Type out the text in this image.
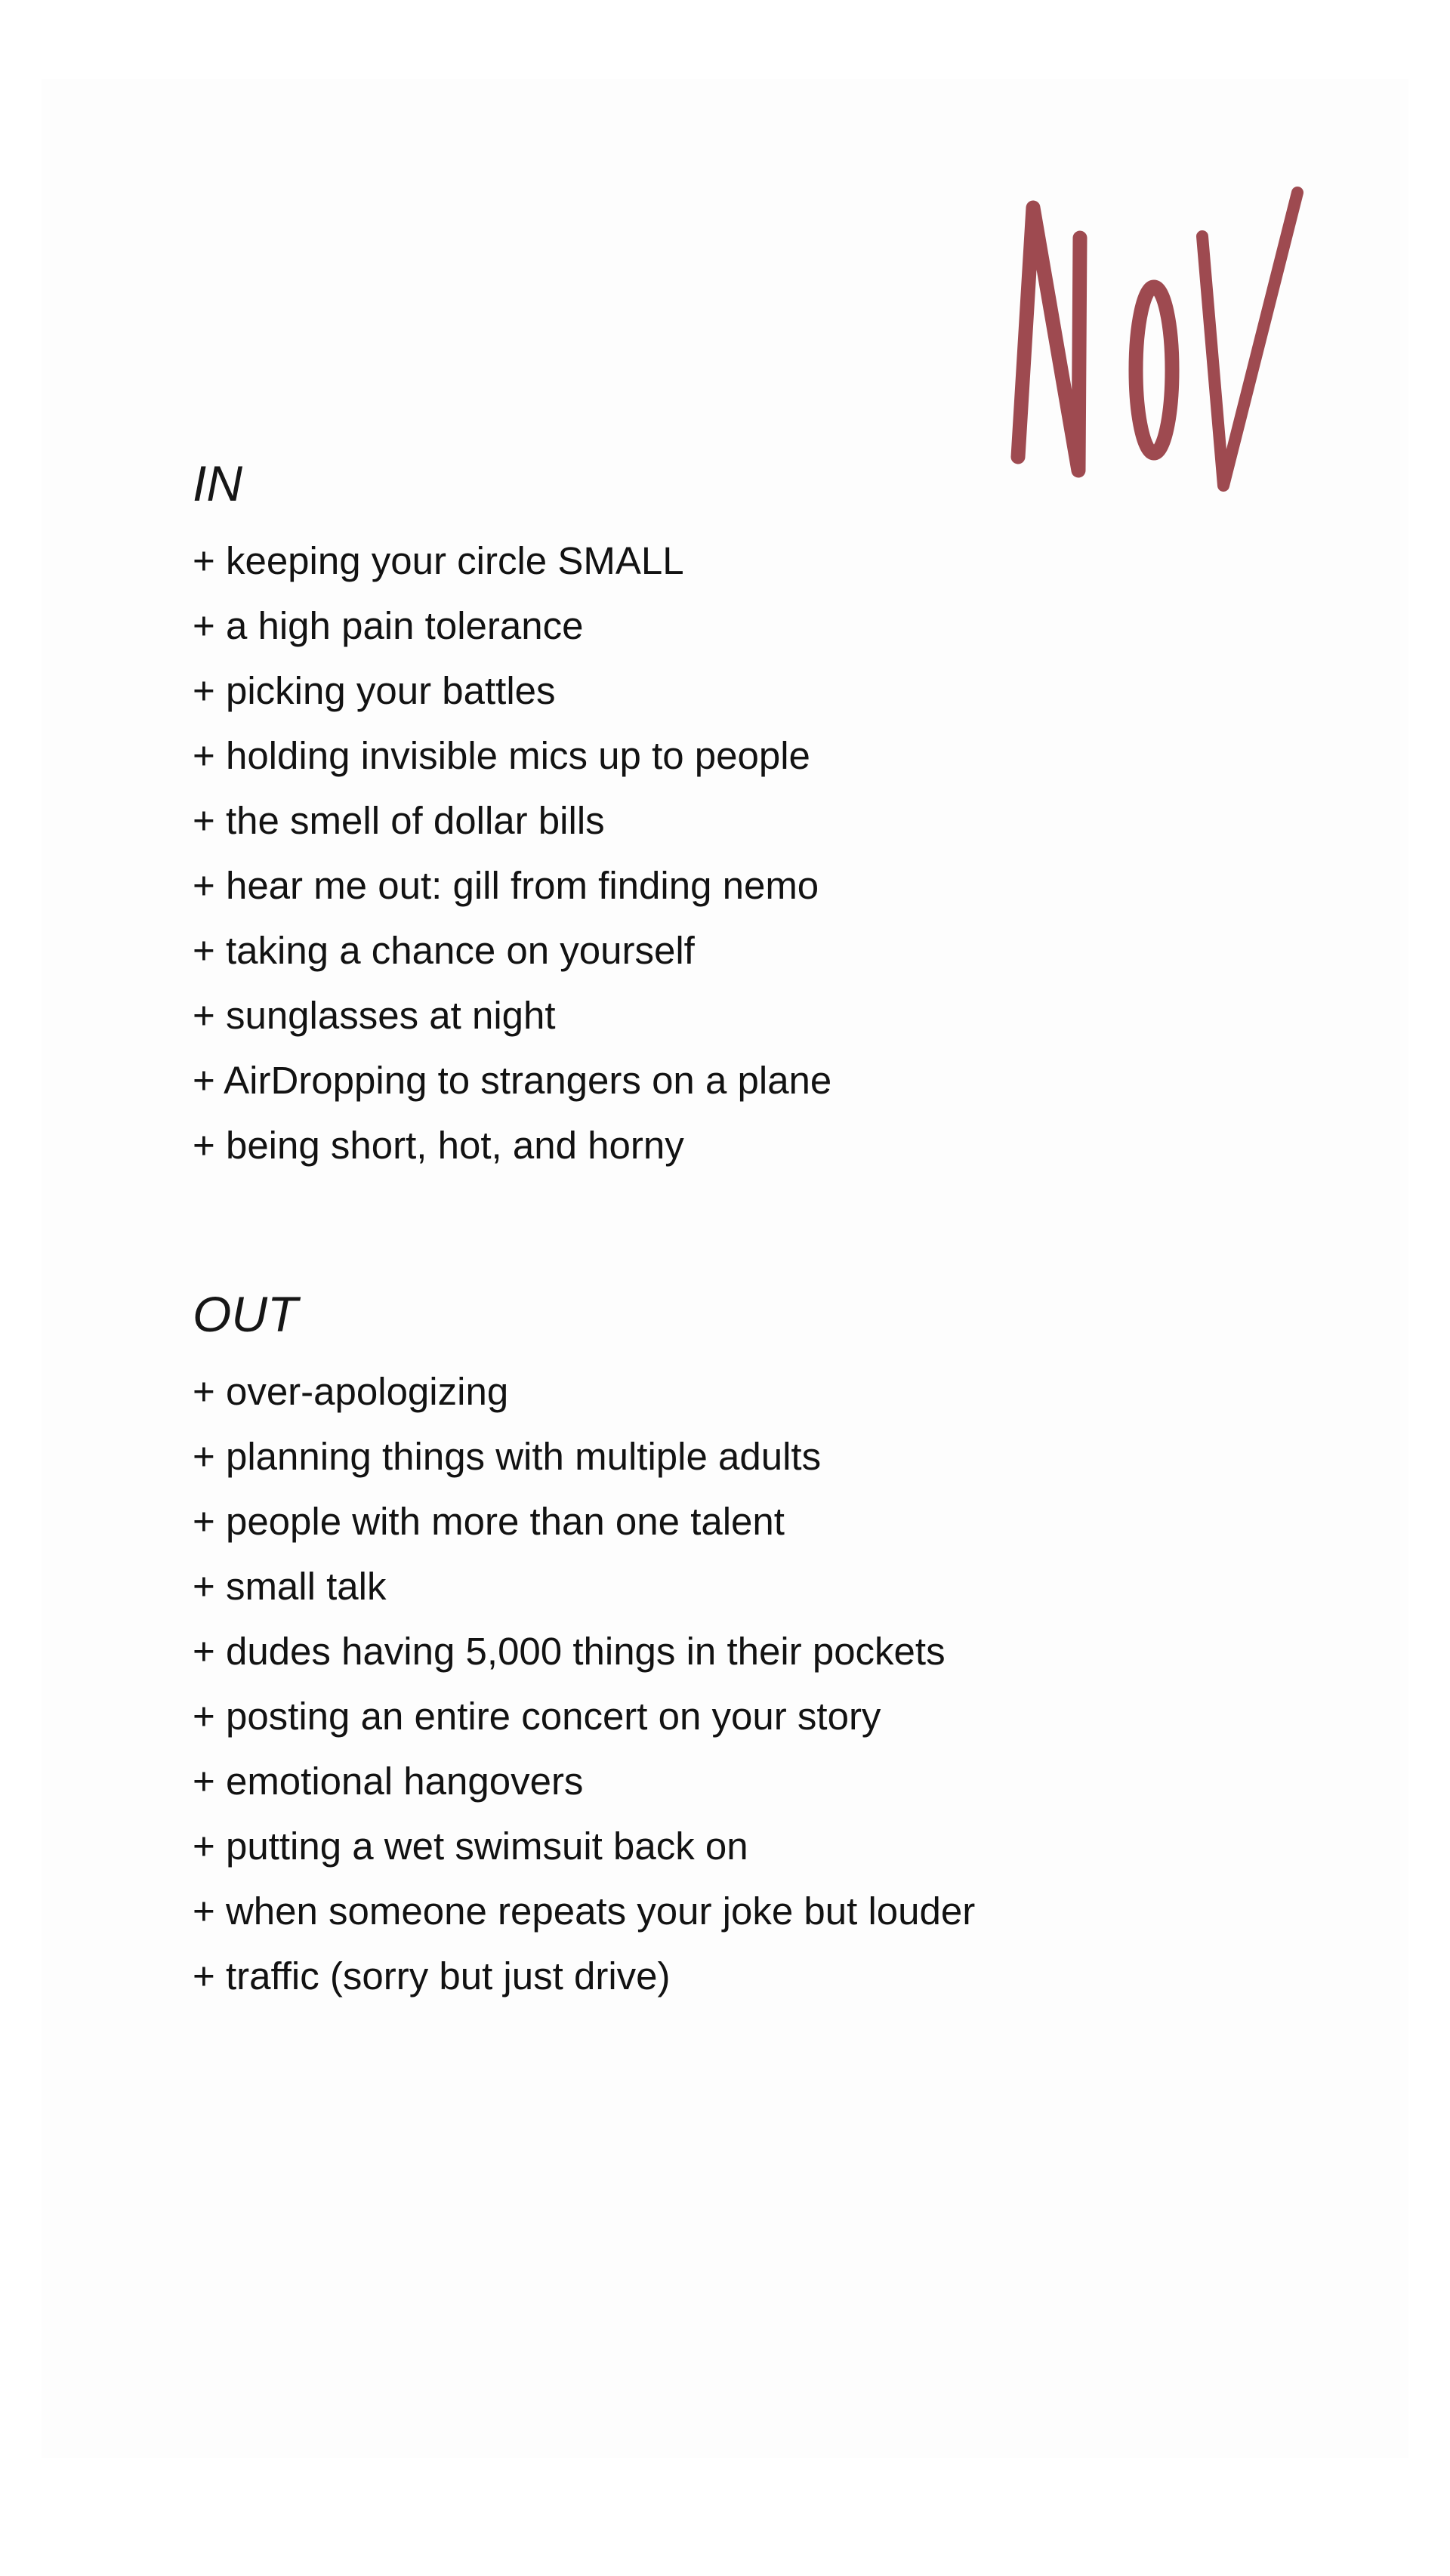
IN
+ keeping your circle SMALL
+ a high pain tolerance
+ picking your battles
+ holding invisible mics up to people
+ the smell of dollar bills
+ hear me out: gill from finding nemo
+ taking a chance on yourself
+ sunglasses at night
+ AirDropping to strangers on a plane
+ being short, hot, and horny
OUT
+ over-apologizing
+ planning things with multiple adults
+ people with more than one talent
+ small talk
+ dudes having 5,000 things in their pockets
+ posting an entire concert on your story
+ emotional hangovers
+ putting a wet swimsuit back on
+ when someone repeats your joke but louder
+ traffic (sorry but just drive)
